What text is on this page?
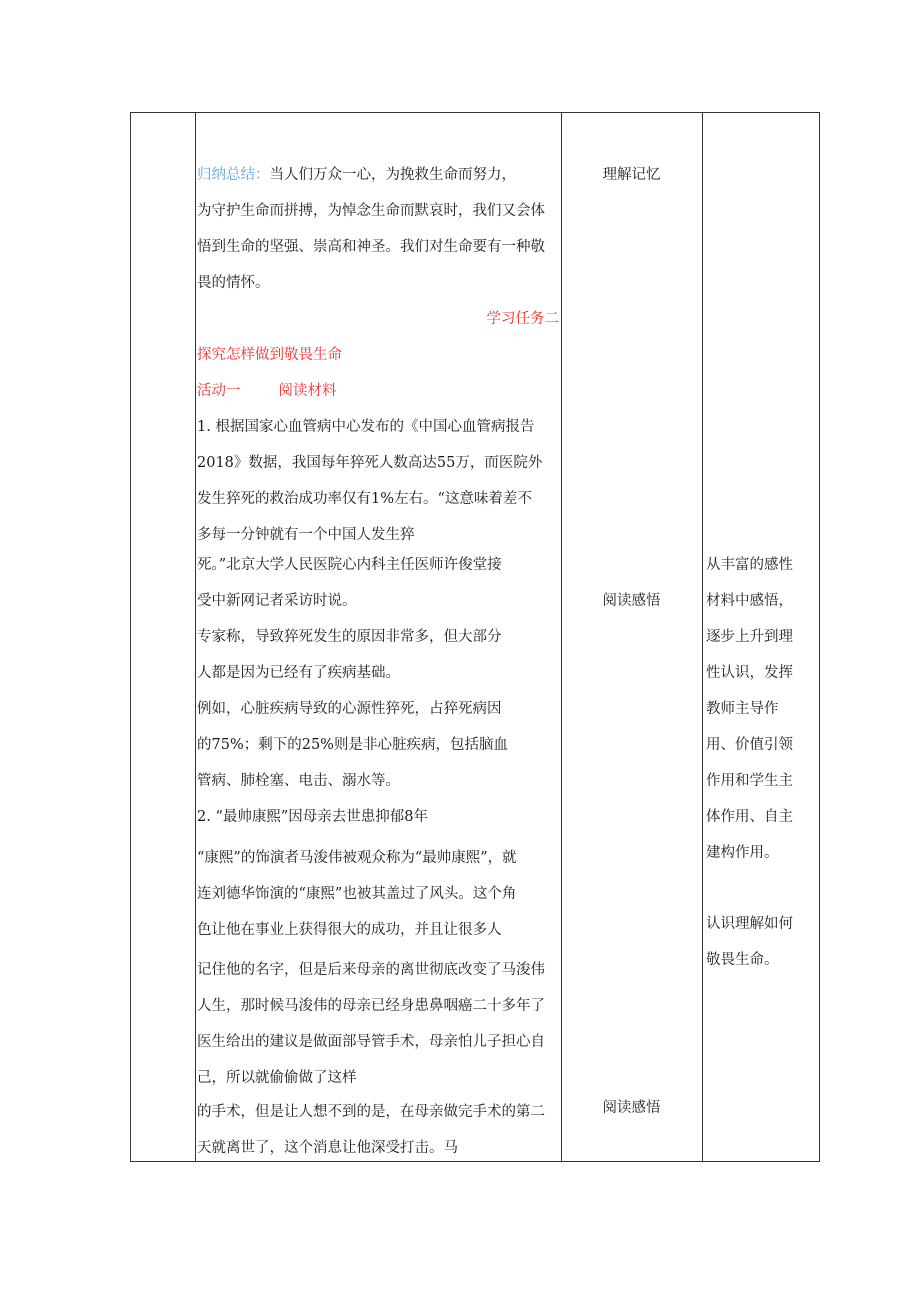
归纳总结：当人们万众一心，为挽救生命而努力，
为守护生命而拼搏，为悼念生命而默哀时，我们又会体
悟到生命的坚强、崇高和神圣。我们对生命要有一种敬
畏的情怀。
学习任务二
探究怎样做到敬畏生命
活动一	阅读材料
1. 根据国家心血管病中心发布的《中国心血管病报告
2018》数据，我国每年猝死人数高达55万，而医院外
发生猝死的救治成功率仅有1%左右。“这意味着差不
多每一分钟就有一个中国人发生猝
死。”北京大学人民医院心内科主任医师许俊堂接
受中新网记者采访时说。
专家称，导致猝死发生的原因非常多，但大部分
人都是因为已经有了疾病基础。
例如，心脏疾病导致的心源性猝死，占猝死病因
的75%；剩下的25%则是非心脏疾病，包括脑血
管病、肺栓塞、电击、溺水等。
2. “最帅康熙”因母亲去世患抑郁8年
“康熙”的饰演者马浚伟被观众称为“最帅康熙”，就
连刘德华饰演的“康熙”也被其盖过了风头。这个角
色让他在事业上获得很大的成功，并且让很多人
记住他的名字，但是后来母亲的离世彻底改变了马浚伟
人生，那时候马浚伟的母亲已经身患鼻咽癌二十多年了
医生给出的建议是做面部导管手术，母亲怕儿子担心自
己，所以就偷偷做了这样
的手术，但是让人想不到的是，在母亲做完手术的第二
天就离世了，这个消息让他深受打击。马
理解记忆
阅读感悟
阅读感悟
从丰富的感性
材料中感悟，
逐步上升到理
性认识，发挥
教师主导作
用、价值引领
作用和学生主
体作用、自主
建构作用。
认识理解如何
敬畏生命。
